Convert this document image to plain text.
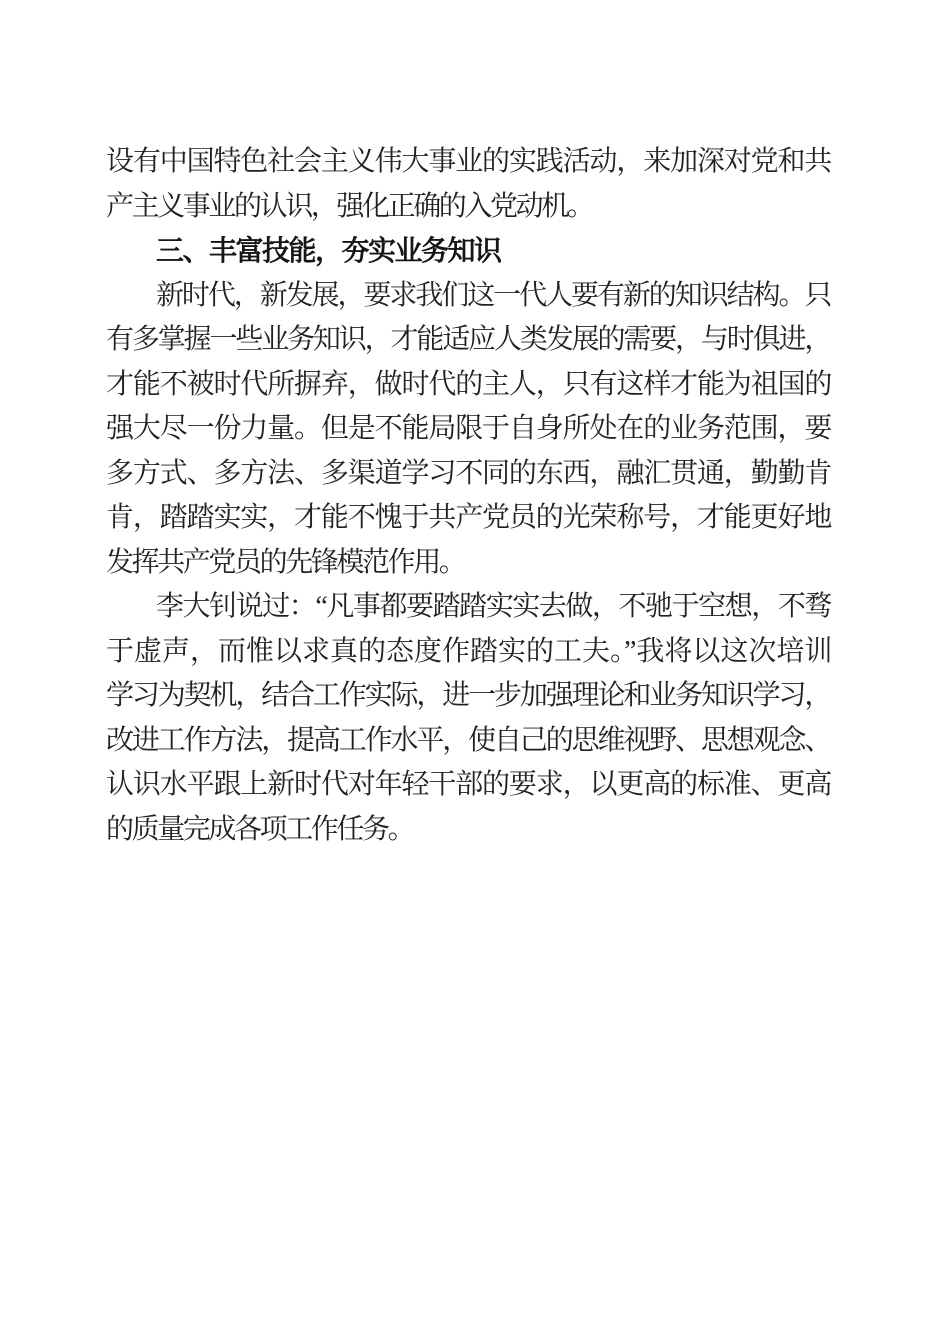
设有中国特色社会主义伟大事业的实践活动，来加深对党和共

产主义事业的认识，强化正确的入党动机。

三、丰富技能，夯实业务知识

新时代，新发展，要求我们这一代人要有新的知识结构。只

有多掌握一些业务知识，才能适应人类发展的需要，与时俱进，

才能不被时代所摒弃，做时代的主人，只有这样才能为祖国的

强大尽一份力量。但是不能局限于自身所处在的业务范围，要

多方式、多方法、多渠道学习不同的东西，融汇贯通，勤勤肯

肯，踏踏实实，才能不愧于共产党员的光荣称号，才能更好地

发挥共产党员的先锋模范作用。

李大钊说过：“凡事都要踏踏实实去做，不驰于空想，不骛

于虚声，而惟以求真的态度作踏实的工夫。”我将以这次培训

学习为契机，结合工作实际，进一步加强理论和业务知识学习，

改进工作方法，提高工作水平，使自己的思维视野、思想观念、

认识水平跟上新时代对年轻干部的要求，以更高的标准、更高

的质量完成各项工作任务。
